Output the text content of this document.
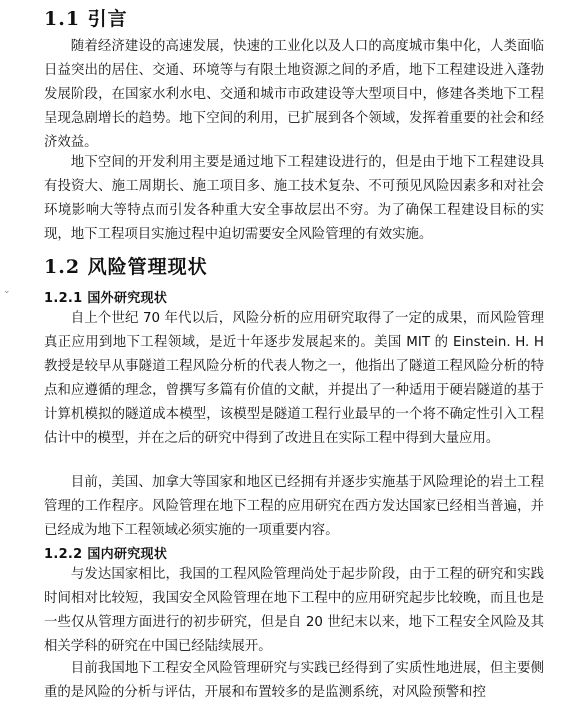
1.1 引言

随着经济建设的高速发展，快速的工业化以及人口的高度城市集中化，人类面临日益突出的居住、交通、环境等与有限土地资源之间的矛盾，地下工程建设进入蓬勃发展阶段，在国家水利水电、交通和城市市政建设等大型项目中，修建各类地下工程呈现急剧增长的趋势。地下空间的利用，已扩展到各个领域，发挥着重要的社会和经济效益。

地下空间的开发利用主要是通过地下工程建设进行的，但是由于地下工程建设具有投资大、施工周期长、施工项目多、施工技术复杂、不可预见风险因素多和对社会环境影响大等特点而引发各种重大安全事故层出不穷。为了确保工程建设目标的实现，地下工程项目实施过程中迫切需要安全风险管理的有效实施。

1.2 风险管理现状
⌄	1.2.1 国外研究现状

自上个世纪 70 年代以后，风险分析的应用研究取得了一定的成果，而风险管理真正应用到地下工程领域，是近十年逐步发展起来的。美国 MIT 的 Einstein. H. H 教授是较早从事隧道工程风险分析的代表人物之一，他指出了隧道工程风险分析的特点和应遵循的理念，曾撰写多篇有价值的文献，并提出了一种适用于硬岩隧道的基于计算机模拟的隧道成本模型，该模型是隧道工程行业最早的一个将不确定性引入工程估计中的模型，并在之后的研究中得到了改进且在实际工程中得到大量应用。

目前，美国、加拿大等国家和地区已经拥有并逐步实施基于风险理论的岩土工程管理的工作程序。风险管理在地下工程的应用研究在西方发达国家已经相当普遍，并已经成为地下工程领域必须实施的一项重要内容。

1.2.2 国内研究现状

与发达国家相比，我国的工程风险管理尚处于起步阶段，由于工程的研究和实践时间相对比较短，我国安全风险管理在地下工程中的应用研究起步比较晚，而且也是一些仅从管理方面进行的初步研究，但是自 20 世纪末以来，地下工程安全风险及其相关学科的研究在中国已经陆续展开。

目前我国地下工程安全风险管理研究与实践已经得到了实质性地进展，但主要侧重的是风险的分析与评估，开展和布置较多的是监测系统，对风险预警和控
